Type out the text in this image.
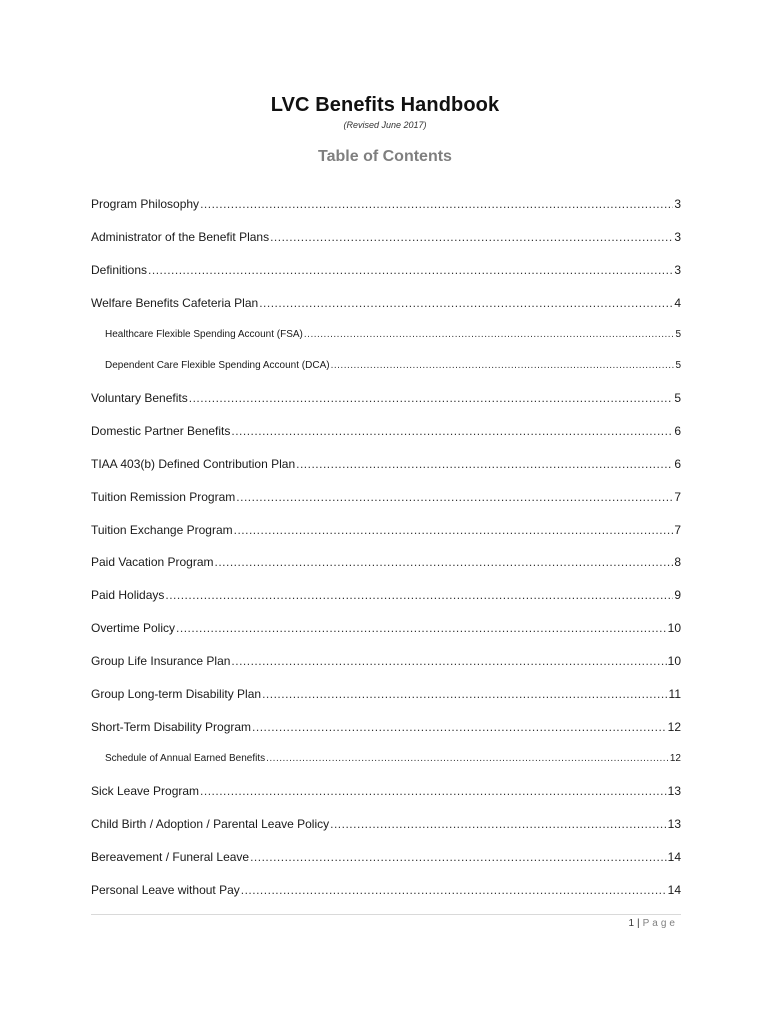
LVC Benefits Handbook
(Revised June 2017)
Table of Contents
Program Philosophy .....	3
Administrator of the Benefit Plans .....	3
Definitions .....	3
Welfare Benefits Cafeteria Plan .....	4
Healthcare Flexible Spending Account (FSA) .....	5
Dependent Care Flexible Spending Account (DCA) .....	5
Voluntary Benefits .....	5
Domestic Partner Benefits .....	6
TIAA 403(b) Defined Contribution Plan .....	6
Tuition Remission Program .....	7
Tuition Exchange Program .....	7
Paid Vacation Program .....	8
Paid Holidays .....	9
Overtime Policy .....	10
Group Life Insurance Plan .....	10
Group Long-term Disability Plan .....	11
Short-Term Disability Program .....	12
Schedule of Annual Earned Benefits .....	12
Sick Leave Program .....	13
Child Birth / Adoption / Parental Leave Policy .....	13
Bereavement / Funeral Leave .....	14
Personal Leave without Pay .....	14
1 | Page
